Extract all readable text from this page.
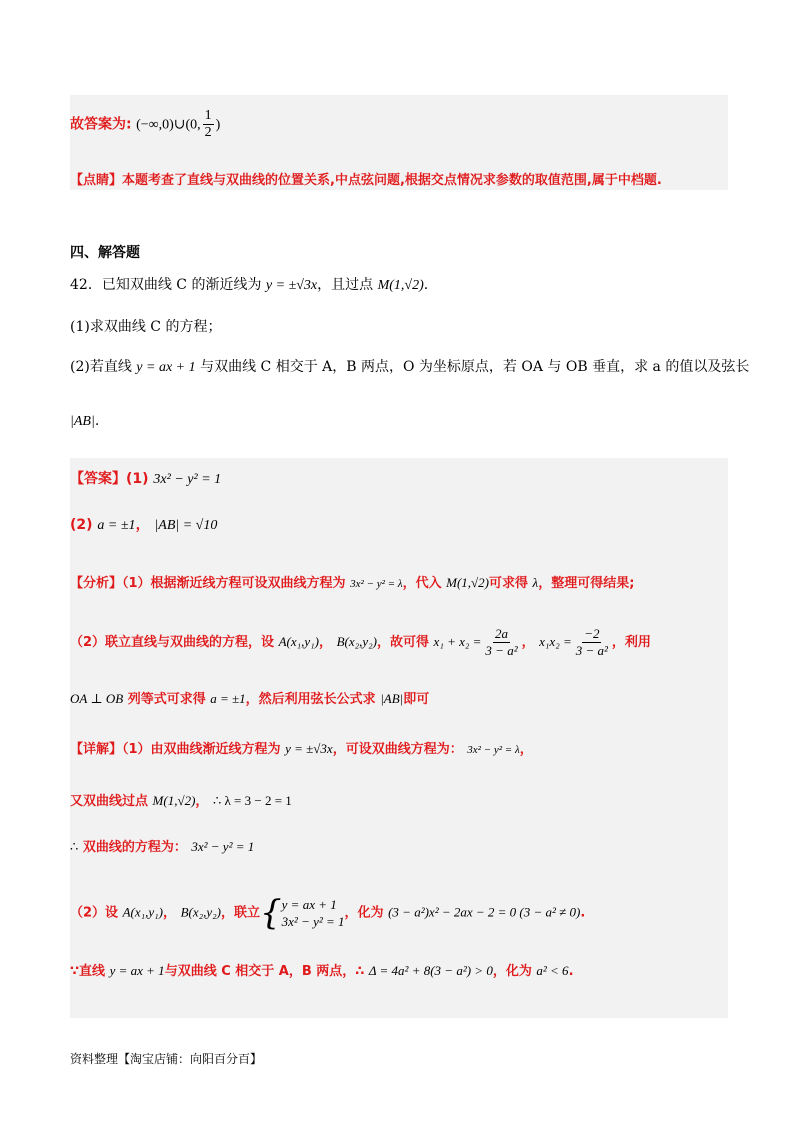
故答案为: (−∞,0)∪(0, $\frac{1}{2}$ )
【点睛】本题考查了直线与双曲线的位置关系,中点弦问题,根据交点情况求参数的取值范围,属于中档题.
四、解答题
42．已知双曲线 C 的渐近线为 y = ±√3x，且过点 M(1,√2).
(1)求双曲线 C 的方程；
(2)若直线 y = ax + 1 与双曲线 C 相交于 A，B 两点，O 为坐标原点，若 OA 与 OB 垂直，求 a 的值以及弦长
|AB|.
【答案】(1) 3x² − y² = 1
(2) a = ±1， |AB| = √10
【分析】（1）根据渐近线方程可设双曲线方程为 3x² − y² = λ，代入 M(1,√2)可求得 λ，整理可得结果;
（2）联立直线与双曲线的方程，设 A(x₁,y₁)， B(x₂,y₂)，故可得 $x_1 + x_2 = \frac{2a}{\text{3 − a²}}$ ， $x_1x_2 = \frac{-2}{\text{3 − a²}}$ ，利用
OA ⊥ OB 列等式可求得 a = ±1，然后利用弦长公式求 |AB|即可
【详解】（1）由双曲线渐近线方程为 y = ±√3x，可设双曲线方程为： 3x² − y² = λ，
又双曲线过点 M(1,√2)， ∴ λ = 3 − 2 = 1
∴ 双曲线的方程为： 3x² − y² = 1
（2）设 A(x₁,y₁)， B(x₂,y₂)，联立 { y = ax + 1
3x² − y² = 1
，化为 (3 − a²)x² − 2ax − 2 = 0 (3 − a² ≠ 0).
∵直线 y = ax + 1与双曲线 C 相交于 A，B 两点，∴ Δ = 4a² + 8(3 − a²) > 0，化为 a² < 6.
资料整理【淘宝店铺：向阳百分百】
